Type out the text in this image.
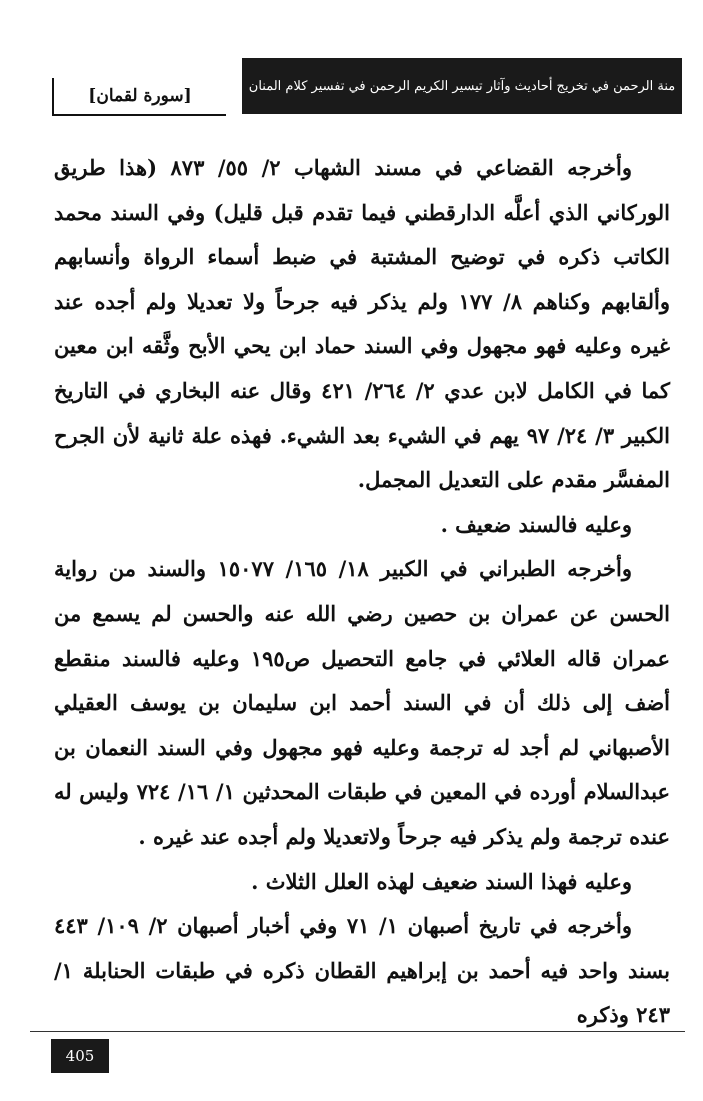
[سورة لقمان]	منة الرحمن في تخريج أحاديث وآثار تيسير الكريم الرحمن في تفسير كلام المنان

وأخرجه القضاعي في مسند الشهاب ٢/ ٥٥/ ٨٧٣ (هذا طريق الوركاني الذي أعلَّه الدارقطني فيما تقدم قبل قليل) وفي السند محمد الكاتب ذكره في توضيح المشتبة في ضبط أسماء الرواة وأنسابهم وألقابهم وكناهم ٨/ ١٧٧ ولم يذكر فيه جرحاً ولا تعديلا ولم أجده عند غيره وعليه فهو مجهول وفي السند حماد ابن يحي الأبح وثَّقه ابن معين كما في الكامل لابن عدي ٢/ ٢٦٤/ ٤٢١ وقال عنه البخاري في التاريخ الكبير ٣/ ٢٤/ ٩٧ يهم في الشيء بعد الشيء. فهذه علة ثانية لأن الجرح المفسَّر مقدم على التعديل المجمل.

وعليه فالسند ضعيف .

وأخرجه الطبراني في الكبير ١٨/ ١٦٥/ ١٥٠٧٧ والسند من رواية الحسن عن عمران بن حصين رضي الله عنه والحسن لم يسمع من عمران قاله العلائي في جامع التحصيل ص١٩٥ وعليه فالسند منقطع أضف إلى ذلك أن في السند أحمد ابن سليمان بن يوسف العقيلي الأصبهاني لم أجد له ترجمة وعليه فهو مجهول وفي السند النعمان بن عبدالسلام أورده في المعين في طبقات المحدثين ١/ ١٦/ ٧٢٤ وليس له عنده ترجمة ولم يذكر فيه جرحاً ولاتعديلا ولم أجده عند غيره .

وعليه فهذا السند ضعيف لهذه العلل الثلاث .

وأخرجه في تاريخ أصبهان ١/ ٧١ وفي أخبار أصبهان ٢/ ١٠٩/ ٤٤٣ بسند واحد فيه أحمد بن إبراهيم القطان ذكره في طبقات الحنابلة ١/ ٢٤٣ وذكره

405
